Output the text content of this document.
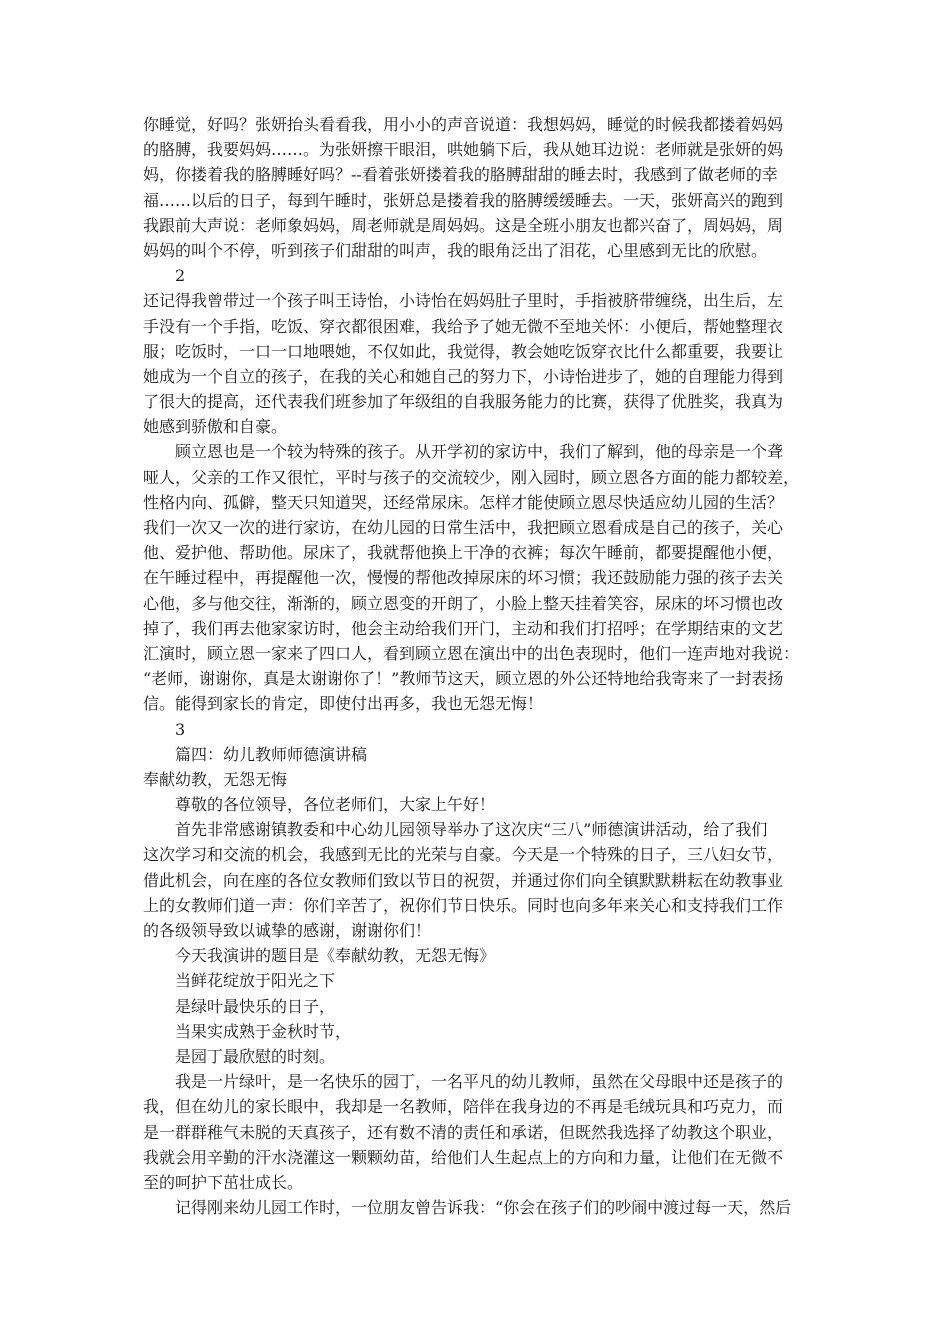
你睡觉，好吗？张妍抬头看看我，用小小的声音说道：我想妈妈，睡觉的时候我都搂着妈妈
的胳膊，我要妈妈……。为张妍擦干眼泪，哄她躺下后，我从她耳边说：老师就是张妍的妈
妈，你搂着我的胳膊睡好吗？--看着张妍搂着我的胳膊甜甜的睡去时，我感到了做老师的幸
福……以后的日子，每到午睡时，张妍总是搂着我的胳膊缓缓睡去。一天，张妍高兴的跑到
我跟前大声说：老师象妈妈，周老师就是周妈妈。这是全班小朋友也都兴奋了，周妈妈，周
妈妈的叫个不停，听到孩子们甜甜的叫声，我的眼角泛出了泪花，心里感到无比的欣慰。
2
还记得我曾带过一个孩子叫王诗怡，小诗怡在妈妈肚子里时，手指被脐带缠绕，出生后，左
手没有一个手指，吃饭、穿衣都很困难，我给予了她无微不至地关怀：小便后，帮她整理衣
服；吃饭时，一口一口地喂她，不仅如此，我觉得，教会她吃饭穿衣比什么都重要，我要让
她成为一个自立的孩子，在我的关心和她自己的努力下，小诗怡进步了，她的自理能力得到
了很大的提高，还代表我们班参加了年级组的自我服务能力的比赛，获得了优胜奖，我真为
她感到骄傲和自豪。
顾立恩也是一个较为特殊的孩子。从开学初的家访中，我们了解到，他的母亲是一个聋
哑人，父亲的工作又很忙，平时与孩子的交流较少，刚入园时，顾立恩各方面的能力都较差，
性格内向、孤僻，整天只知道哭，还经常尿床。怎样才能使顾立恩尽快适应幼儿园的生活？
我们一次又一次的进行家访，在幼儿园的日常生活中，我把顾立恩看成是自己的孩子，关心
他、爱护他、帮助他。尿床了，我就帮他换上干净的衣裤；每次午睡前，都要提醒他小便，
在午睡过程中，再提醒他一次，慢慢的帮他改掉尿床的坏习惯；我还鼓励能力强的孩子去关
心他，多与他交往，渐渐的，顾立恩变的开朗了，小脸上整天挂着笑容，尿床的坏习惯也改
掉了，我们再去他家家访时，他会主动给我们开门，主动和我们打招呼；在学期结束的文艺
汇演时，顾立恩一家来了四口人，看到顾立恩在演出中的出色表现时，他们一连声地对我说：
“老师，谢谢你，真是太谢谢你了！”教师节这天，顾立恩的外公还特地给我寄来了一封表扬
信。能得到家长的肯定，即使付出再多，我也无怨无悔！
3
篇四：幼儿教师师德演讲稿
奉献幼教，无怨无悔
尊敬的各位领导，各位老师们，大家上午好！
首先非常感谢镇教委和中心幼儿园领导举办了这次庆“三八”师德演讲活动，给了我们
这次学习和交流的机会，我感到无比的光荣与自豪。今天是一个特殊的日子，三八妇女节，
借此机会，向在座的各位女教师们致以节日的祝贺，并通过你们向全镇默默耕耘在幼教事业
上的女教师们道一声：你们辛苦了，祝你们节日快乐。同时也向多年来关心和支持我们工作
的各级领导致以诚挚的感谢，谢谢你们！
今天我演讲的题目是《奉献幼教，无怨无悔》
当鲜花绽放于阳光之下
是绿叶最快乐的日子，
当果实成熟于金秋时节，
是园丁最欣慰的时刻。
我是一片绿叶，是一名快乐的园丁，一名平凡的幼儿教师，虽然在父母眼中还是孩子的
我，但在幼儿的家长眼中，我却是一名教师，陪伴在我身边的不再是毛绒玩具和巧克力，而
是一群群稚气未脱的天真孩子，还有数不清的责任和承诺，但既然我选择了幼教这个职业，
我就会用辛勤的汗水浇灌这一颗颗幼苗，给他们人生起点上的方向和力量，让他们在无微不
至的呵护下茁壮成长。
记得刚来幼儿园工作时，一位朋友曾告诉我：“你会在孩子们的吵闹中渡过每一天，然后
